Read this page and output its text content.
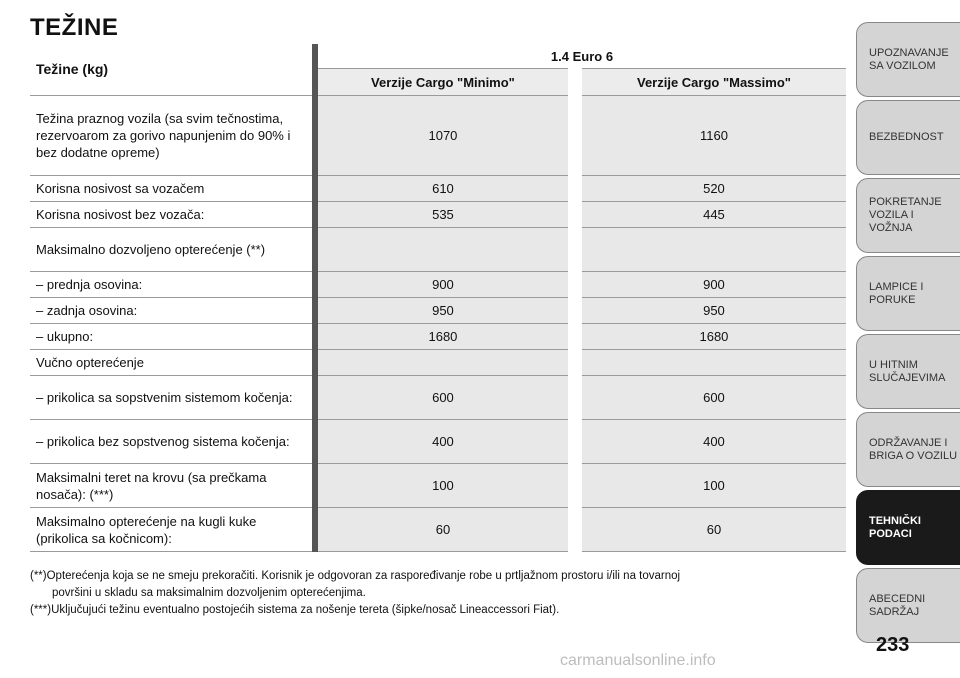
TEŽINE
Težine (kg)	1.4 Euro 6	
	Verzije Cargo "Minimo"	Verzije Cargo "Massimo"
Težina praznog vozila (sa svim tečnostima, rezervoarom za gorivo napunjenim do 90% i bez dodatne opreme)	1070	1160
Korisna nosivost sa vozačem	610	520
Korisna nosivost bez vozača:	535	445
Maksimalno dozvoljeno opterećenje (**)		
– prednja osovina:	900	900
– zadnja osovina:	950	950
– ukupno:	1680	1680
Vučno opterećenje		
– prikolica sa sopstvenim sistemom kočenja:	600	600
– prikolica bez sopstvenog sistema kočenja:	400	400
Maksimalni teret na krovu (sa prečkama nosača): (***)	100	100
Maksimalno opterećenje na kugli kuke (prikolica sa kočnicom):	60	60
(**)Opterećenja koja se ne smeju prekoračiti. Korisnik je odgovoran za raspoređivanje robe u prtljažnom prostoru i/ili na tovarnoj
površini u skladu sa maksimalnim dozvoljenim opterećenjima.
(***)Uključujući težinu eventualno postojećih sistema za nošenje tereta (šipke/nosač Lineaccessori Fiat).
UPOZNAVANJE SA VOZILOM
BEZBEDNOST
POKRETANJE VOZILA I VOŽNJA
LAMPICE I PORUKE
U HITNIM SLUČAJEVIMA
ODRŽAVANJE I BRIGA O VOZILU
TEHNIČKI PODACI
ABECEDNI SADRŽAJ
233
carmanualsonline.info
